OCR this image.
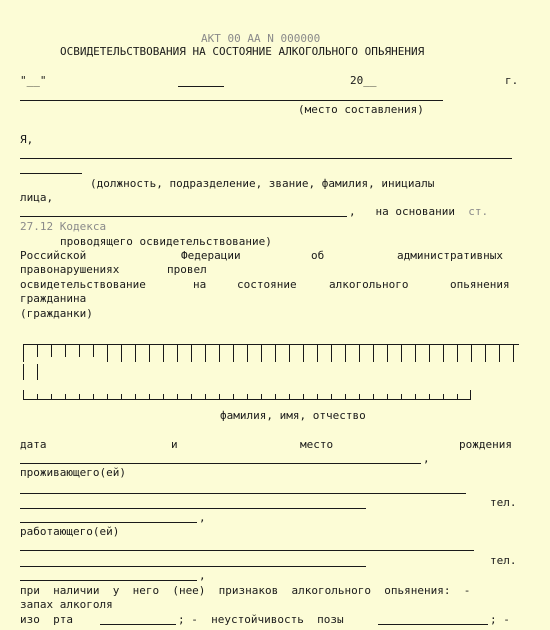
АКТ 00 АА N 000000
ОСВИДЕТЕЛЬСТВОВАНИЯ НА СОСТОЯНИЕ АЛКОГОЛЬНОГО ОПЬЯНЕНИЯ
"__"	20__	г.
(место составления)
Я,
(должность, подразделение, звание, фамилия, инициалы
лица,
,   на основании ст.
27.12 Кодекса
проводящего освидетельствование)
Российской	Федерации	об	административных
правонарушениях	провел
освидетельствование	на	состояние	алкогольного	опьянения
гражданина
(гражданки)
фамилия, имя, отчество
дата	и	место	рождения
,
проживающего(ей)
тел.
,
работающего(ей)
тел.
,
при  наличии  у  него  (нее)  признаков  алкогольного  опьянения:  -
запах алкоголя
изо  рта	; -  неустойчивость  позы	; -
